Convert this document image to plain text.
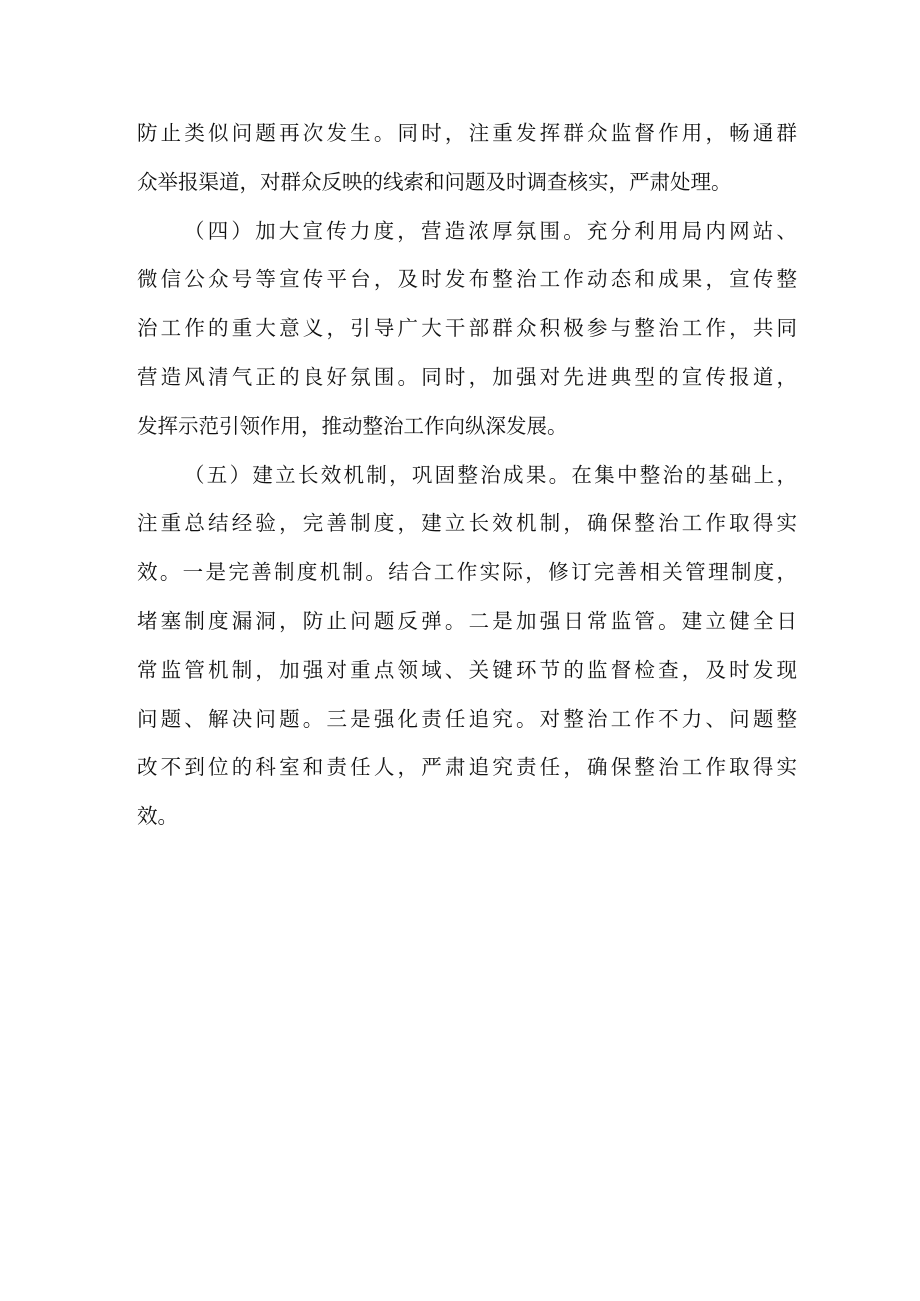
防止类似问题再次发生。同时，注重发挥群众监督作用，畅通群
众举报渠道，对群众反映的线索和问题及时调查核实，严肃处理。
（四）加大宣传力度，营造浓厚氛围。充分利用局内网站、
微信公众号等宣传平台，及时发布整治工作动态和成果，宣传整
治工作的重大意义，引导广大干部群众积极参与整治工作，共同
营造风清气正的良好氛围。同时，加强对先进典型的宣传报道，
发挥示范引领作用，推动整治工作向纵深发展。
（五）建立长效机制，巩固整治成果。在集中整治的基础上，
注重总结经验，完善制度，建立长效机制，确保整治工作取得实
效。一是完善制度机制。结合工作实际，修订完善相关管理制度，
堵塞制度漏洞，防止问题反弹。二是加强日常监管。建立健全日
常监管机制，加强对重点领域、关键环节的监督检查，及时发现
问题、解决问题。三是强化责任追究。对整治工作不力、问题整
改不到位的科室和责任人，严肃追究责任，确保整治工作取得实
效。
